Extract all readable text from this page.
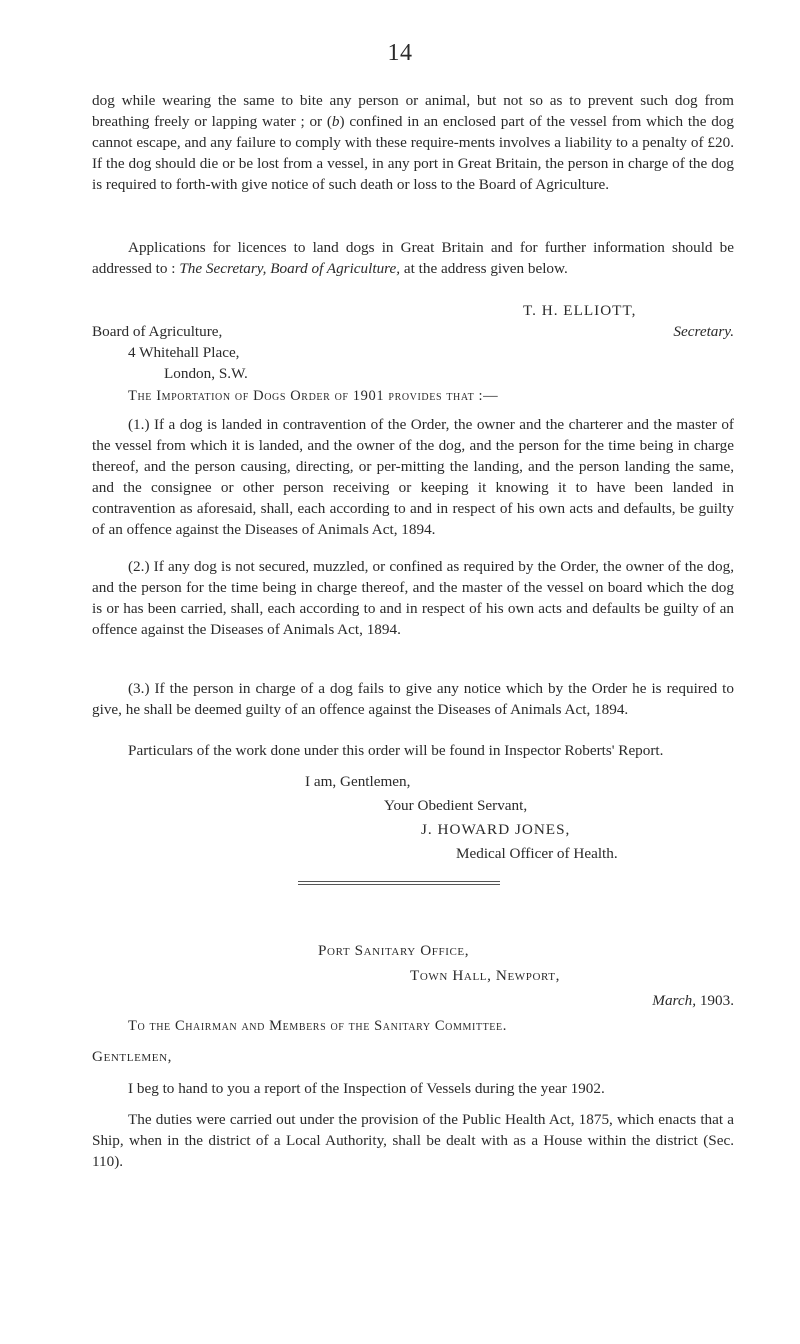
14

dog while wearing the same to bite any person or animal, but not so as to prevent such dog from breathing freely or lapping water ; or (b) confined in an enclosed part of the vessel from which the dog cannot escape, and any failure to comply with these require-ments involves a liability to a penalty of £20. If the dog should die or be lost from a vessel, in any port in Great Britain, the person in charge of the dog is required to forth-with give notice of such death or loss to the Board of Agriculture.

Applications for licences to land dogs in Great Britain and for further information should be addressed to : The Secretary, Board of Agriculture, at the address given below.

T. H. ELLIOTT,
Board of Agriculture,	Secretary.
4 Whitehall Place,
London, S.W.
The Importation of Dogs Order of 1901 provides that :—

(1.) If a dog is landed in contravention of the Order, the owner and the charterer and the master of the vessel from which it is landed, and the owner of the dog, and the person for the time being in charge thereof, and the person causing, directing, or per-mitting the landing, and the person landing the same, and the consignee or other person receiving or keeping it knowing it to have been landed in contravention as aforesaid, shall, each according to and in respect of his own acts and defaults, be guilty of an offence against the Diseases of Animals Act, 1894.

(2.) If any dog is not secured, muzzled, or confined as required by the Order, the owner of the dog, and the person for the time being in charge thereof, and the master of the vessel on board which the dog is or has been carried, shall, each according to and in respect of his own acts and defaults be guilty of an offence against the Diseases of Animals Act, 1894.

(3.) If the person in charge of a dog fails to give any notice which by the Order he is required to give, he shall be deemed guilty of an offence against the Diseases of Animals Act, 1894.

Particulars of the work done under this order will be found in Inspector Roberts' Report.

I am, Gentlemen,
Your Obedient Servant,
J. HOWARD JONES,
Medical Officer of Health.
Port Sanitary Office,
Town Hall, Newport,
March, 1903.
To the Chairman and Members of the Sanitary Committee.
Gentlemen,
I beg to hand to you a report of the Inspection of Vessels during the year 1902.

The duties were carried out under the provision of the Public Health Act, 1875, which enacts that a Ship, when in the district of a Local Authority, shall be dealt with as a House within the district (Sec. 110).
